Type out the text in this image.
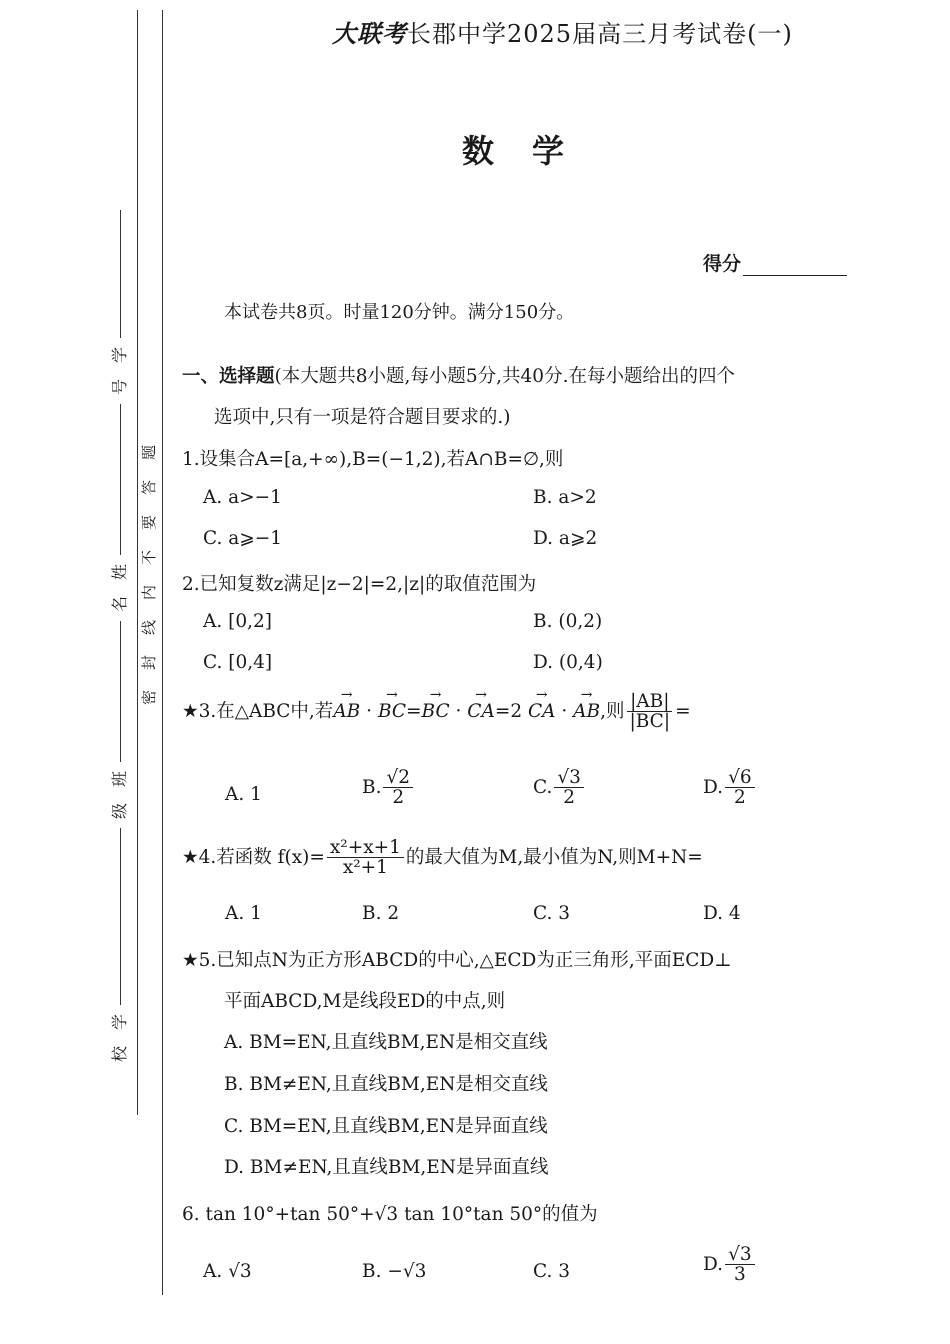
学
号
姓
名
班
级
学
校
题
答
要
不
内
线
封
密
大联考长郡中学2025届高三月考试卷(一)
数学
得分
本试卷共8页。时量120分钟。满分150分。
一、选择题(本大题共8小题,每小题5分,共40分.在每小题给出的四个
选项中,只有一项是符合题目要求的.)
1.设集合A=[a,+∞),B=(−1,2),若A∩B=∅,则
A. a>−1	B. a>2
C. a⩾−1	D. a⩾2
2.已知复数z满足|z−2|=2,|z|的取值范围为
A. [0,2]	B. (0,2)
C. [0,4]	D. (0,4)
★3.在△ABC中,若→ AB · → BC=→ BC · → CA=2 → CA · → AB,则 $\frac{|AB|}{|BC|}$ =
A. 1	B. $\frac{√2}{2}$	C. $\frac{√3}{2}$	D. $\frac{√6}{2}$
★4.若函数 $f(x)= \frac{\text{x²+x+1}}{\text{x²+1}}$ 的最大值为M,最小值为N,则M+N=
A. 1	B. 2	C. 3	D. 4
★5.已知点N为正方形ABCD的中心,△ECD为正三角形,平面ECD⊥
平面ABCD,M是线段ED的中点,则
A. BM=EN,且直线BM,EN是相交直线
B. BM≠EN,且直线BM,EN是相交直线
C. BM=EN,且直线BM,EN是异面直线
D. BM≠EN,且直线BM,EN是异面直线
6. tan 10°+tan 50°+√3 tan 10°tan 50°的值为
A. √3	B. −√3	C. 3	D. $\frac{√3}{3}$
